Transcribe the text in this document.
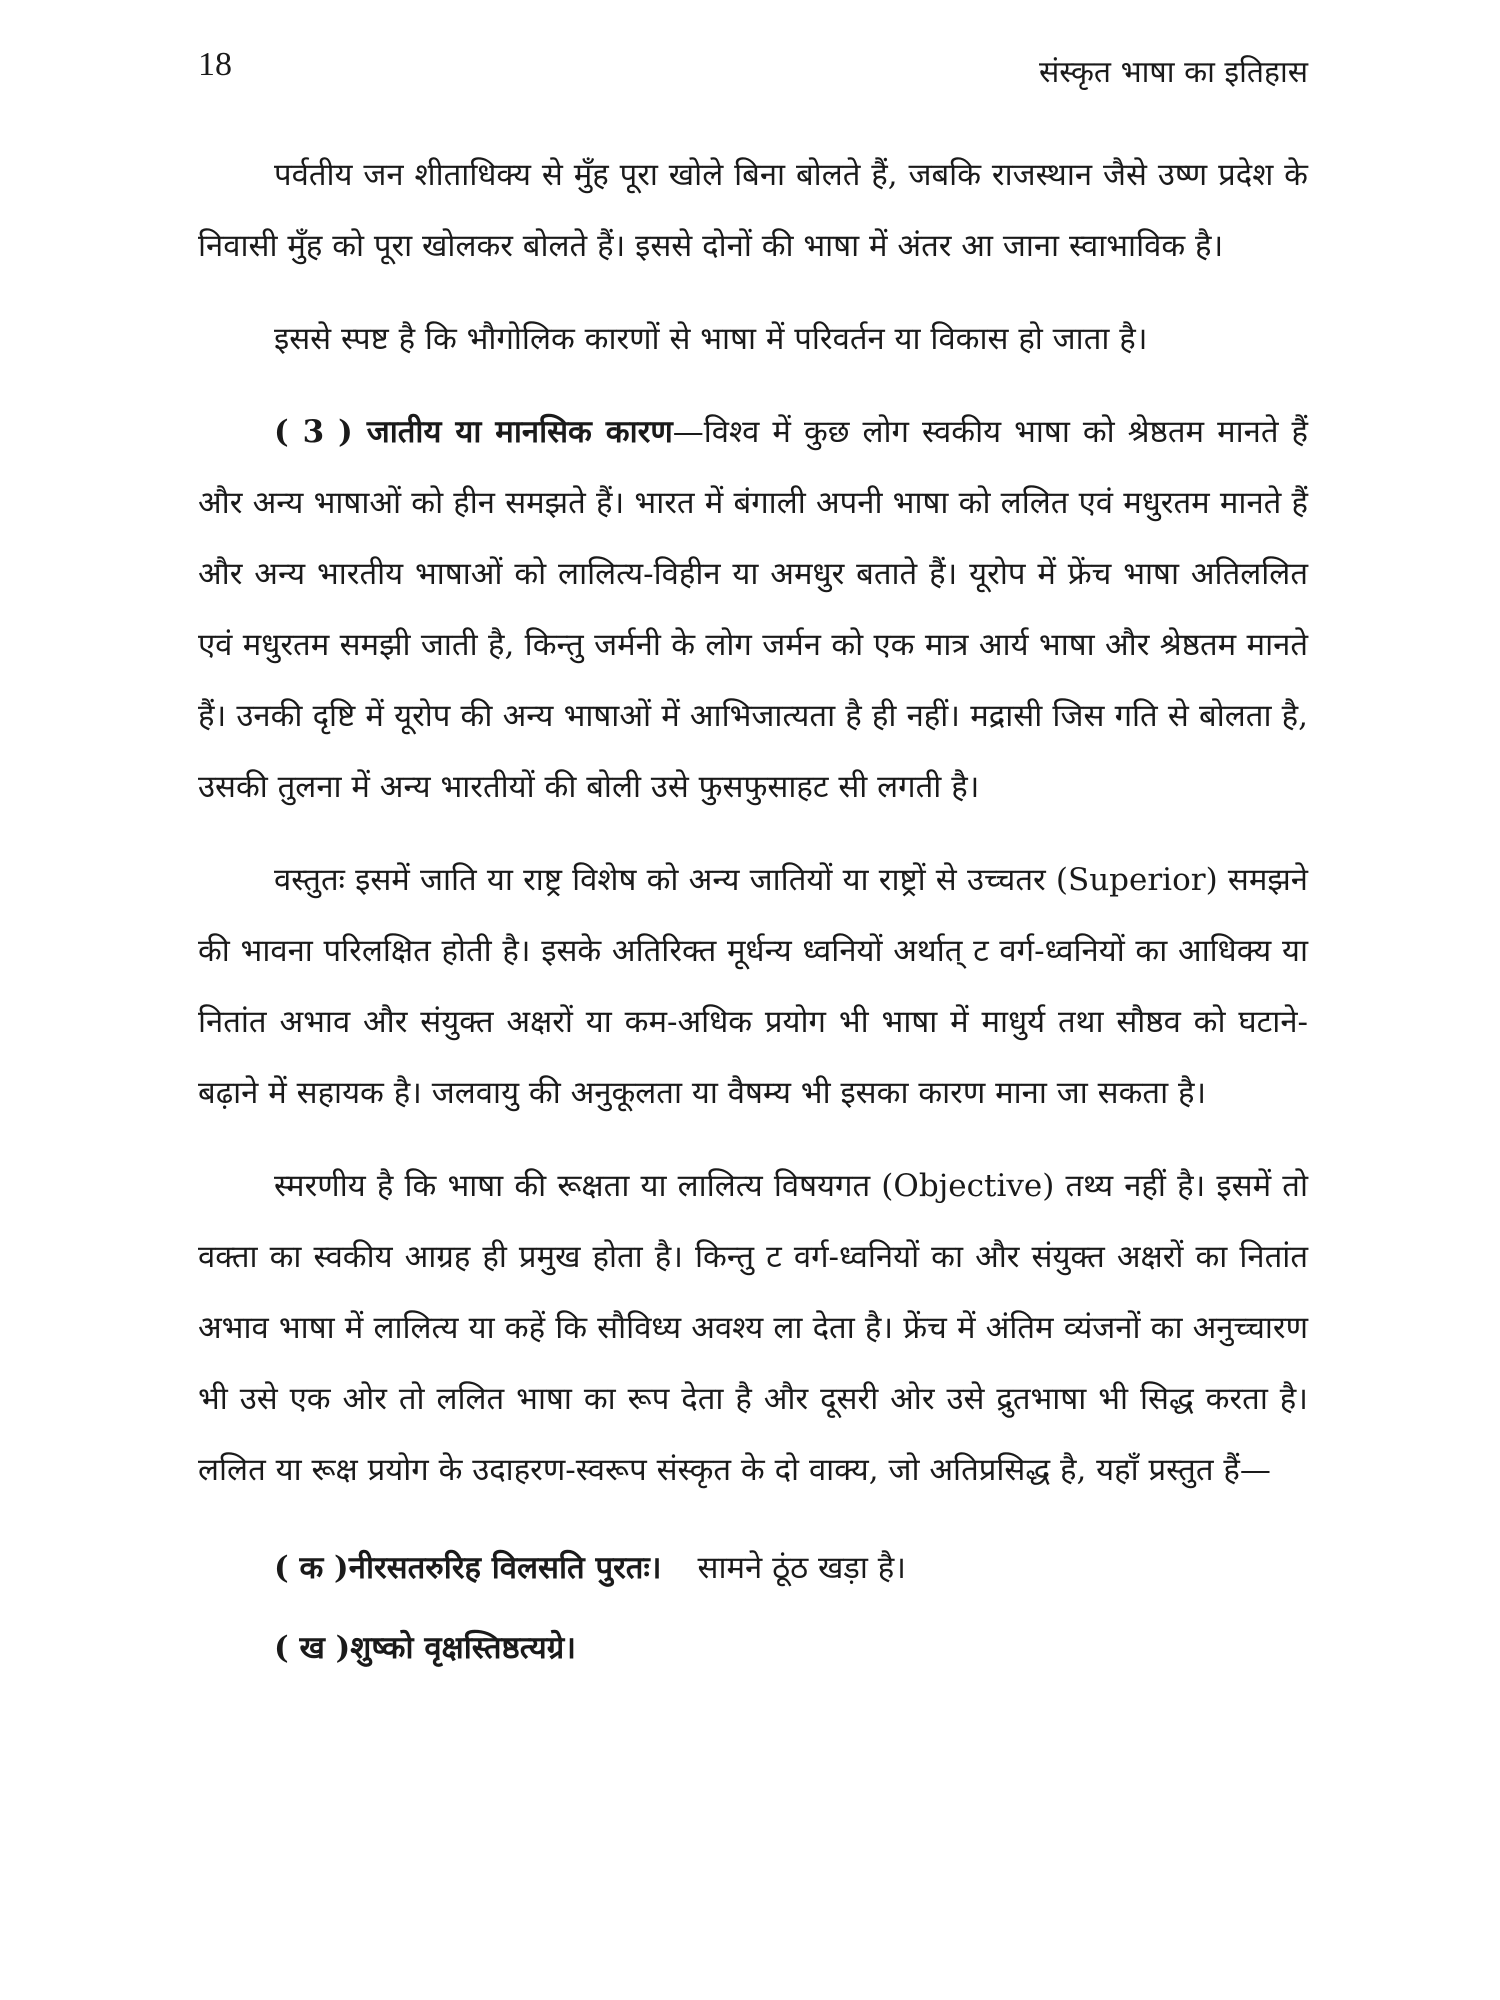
18	संस्कृत भाषा का इतिहास

पर्वतीय जन शीताधिक्य से मुँह पूरा खोले बिना बोलते हैं, जबकि राजस्थान जैसे उष्ण प्रदेश के निवासी मुँह को पूरा खोलकर बोलते हैं। इससे दोनों की भाषा में अंतर आ जाना स्वाभाविक है।

इससे स्पष्ट है कि भौगोलिक कारणों से भाषा में परिवर्तन या विकास हो जाता है।

( 3 ) जातीय या मानसिक कारण—विश्व में कुछ लोग स्वकीय भाषा को श्रेष्ठतम मानते हैं और अन्य भाषाओं को हीन समझते हैं। भारत में बंगाली अपनी भाषा को ललित एवं मधुरतम मानते हैं और अन्य भारतीय भाषाओं को लालित्य-विहीन या अमधुर बताते हैं। यूरोप में फ्रेंच भाषा अतिललित एवं मधुरतम समझी जाती है, किन्तु जर्मनी के लोग जर्मन को एक मात्र आर्य भाषा और श्रेष्ठतम मानते हैं। उनकी दृष्टि में यूरोप की अन्य भाषाओं में आभिजात्यता है ही नहीं। मद्रासी जिस गति से बोलता है, उसकी तुलना में अन्य भारतीयों की बोली उसे फुसफुसाहट सी लगती है।

वस्तुतः इसमें जाति या राष्ट्र विशेष को अन्य जातियों या राष्ट्रों से उच्चतर (Superior) समझने की भावना परिलक्षित होती है। इसके अतिरिक्त मूर्धन्य ध्वनियों अर्थात् ट वर्ग-ध्वनियों का आधिक्य या नितांत अभाव और संयुक्त अक्षरों या कम-अधिक प्रयोग भी भाषा में माधुर्य तथा सौष्ठव को घटाने-बढ़ाने में सहायक है। जलवायु की अनुकूलता या वैषम्य भी इसका कारण माना जा सकता है।

स्मरणीय है कि भाषा की रूक्षता या लालित्य विषयगत (Objective) तथ्य नहीं है। इसमें तो वक्ता का स्वकीय आग्रह ही प्रमुख होता है। किन्तु ट वर्ग-ध्वनियों का और संयुक्त अक्षरों का नितांत अभाव भाषा में लालित्य या कहें कि सौविध्य अवश्य ला देता है। फ्रेंच में अंतिम व्यंजनों का अनुच्चारण भी उसे एक ओर तो ललित भाषा का रूप देता है और दूसरी ओर उसे द्रुतभाषा भी सिद्ध करता है। ललित या रूक्ष प्रयोग के उदाहरण-स्वरूप संस्कृत के दो वाक्य, जो अतिप्रसिद्ध है, यहाँ प्रस्तुत हैं—

( क )नीरसतरुरिह विलसति पुरतः। सामने ठूंठ खड़ा है।

( ख )शुष्को वृक्षस्तिष्ठत्यग्रे।
